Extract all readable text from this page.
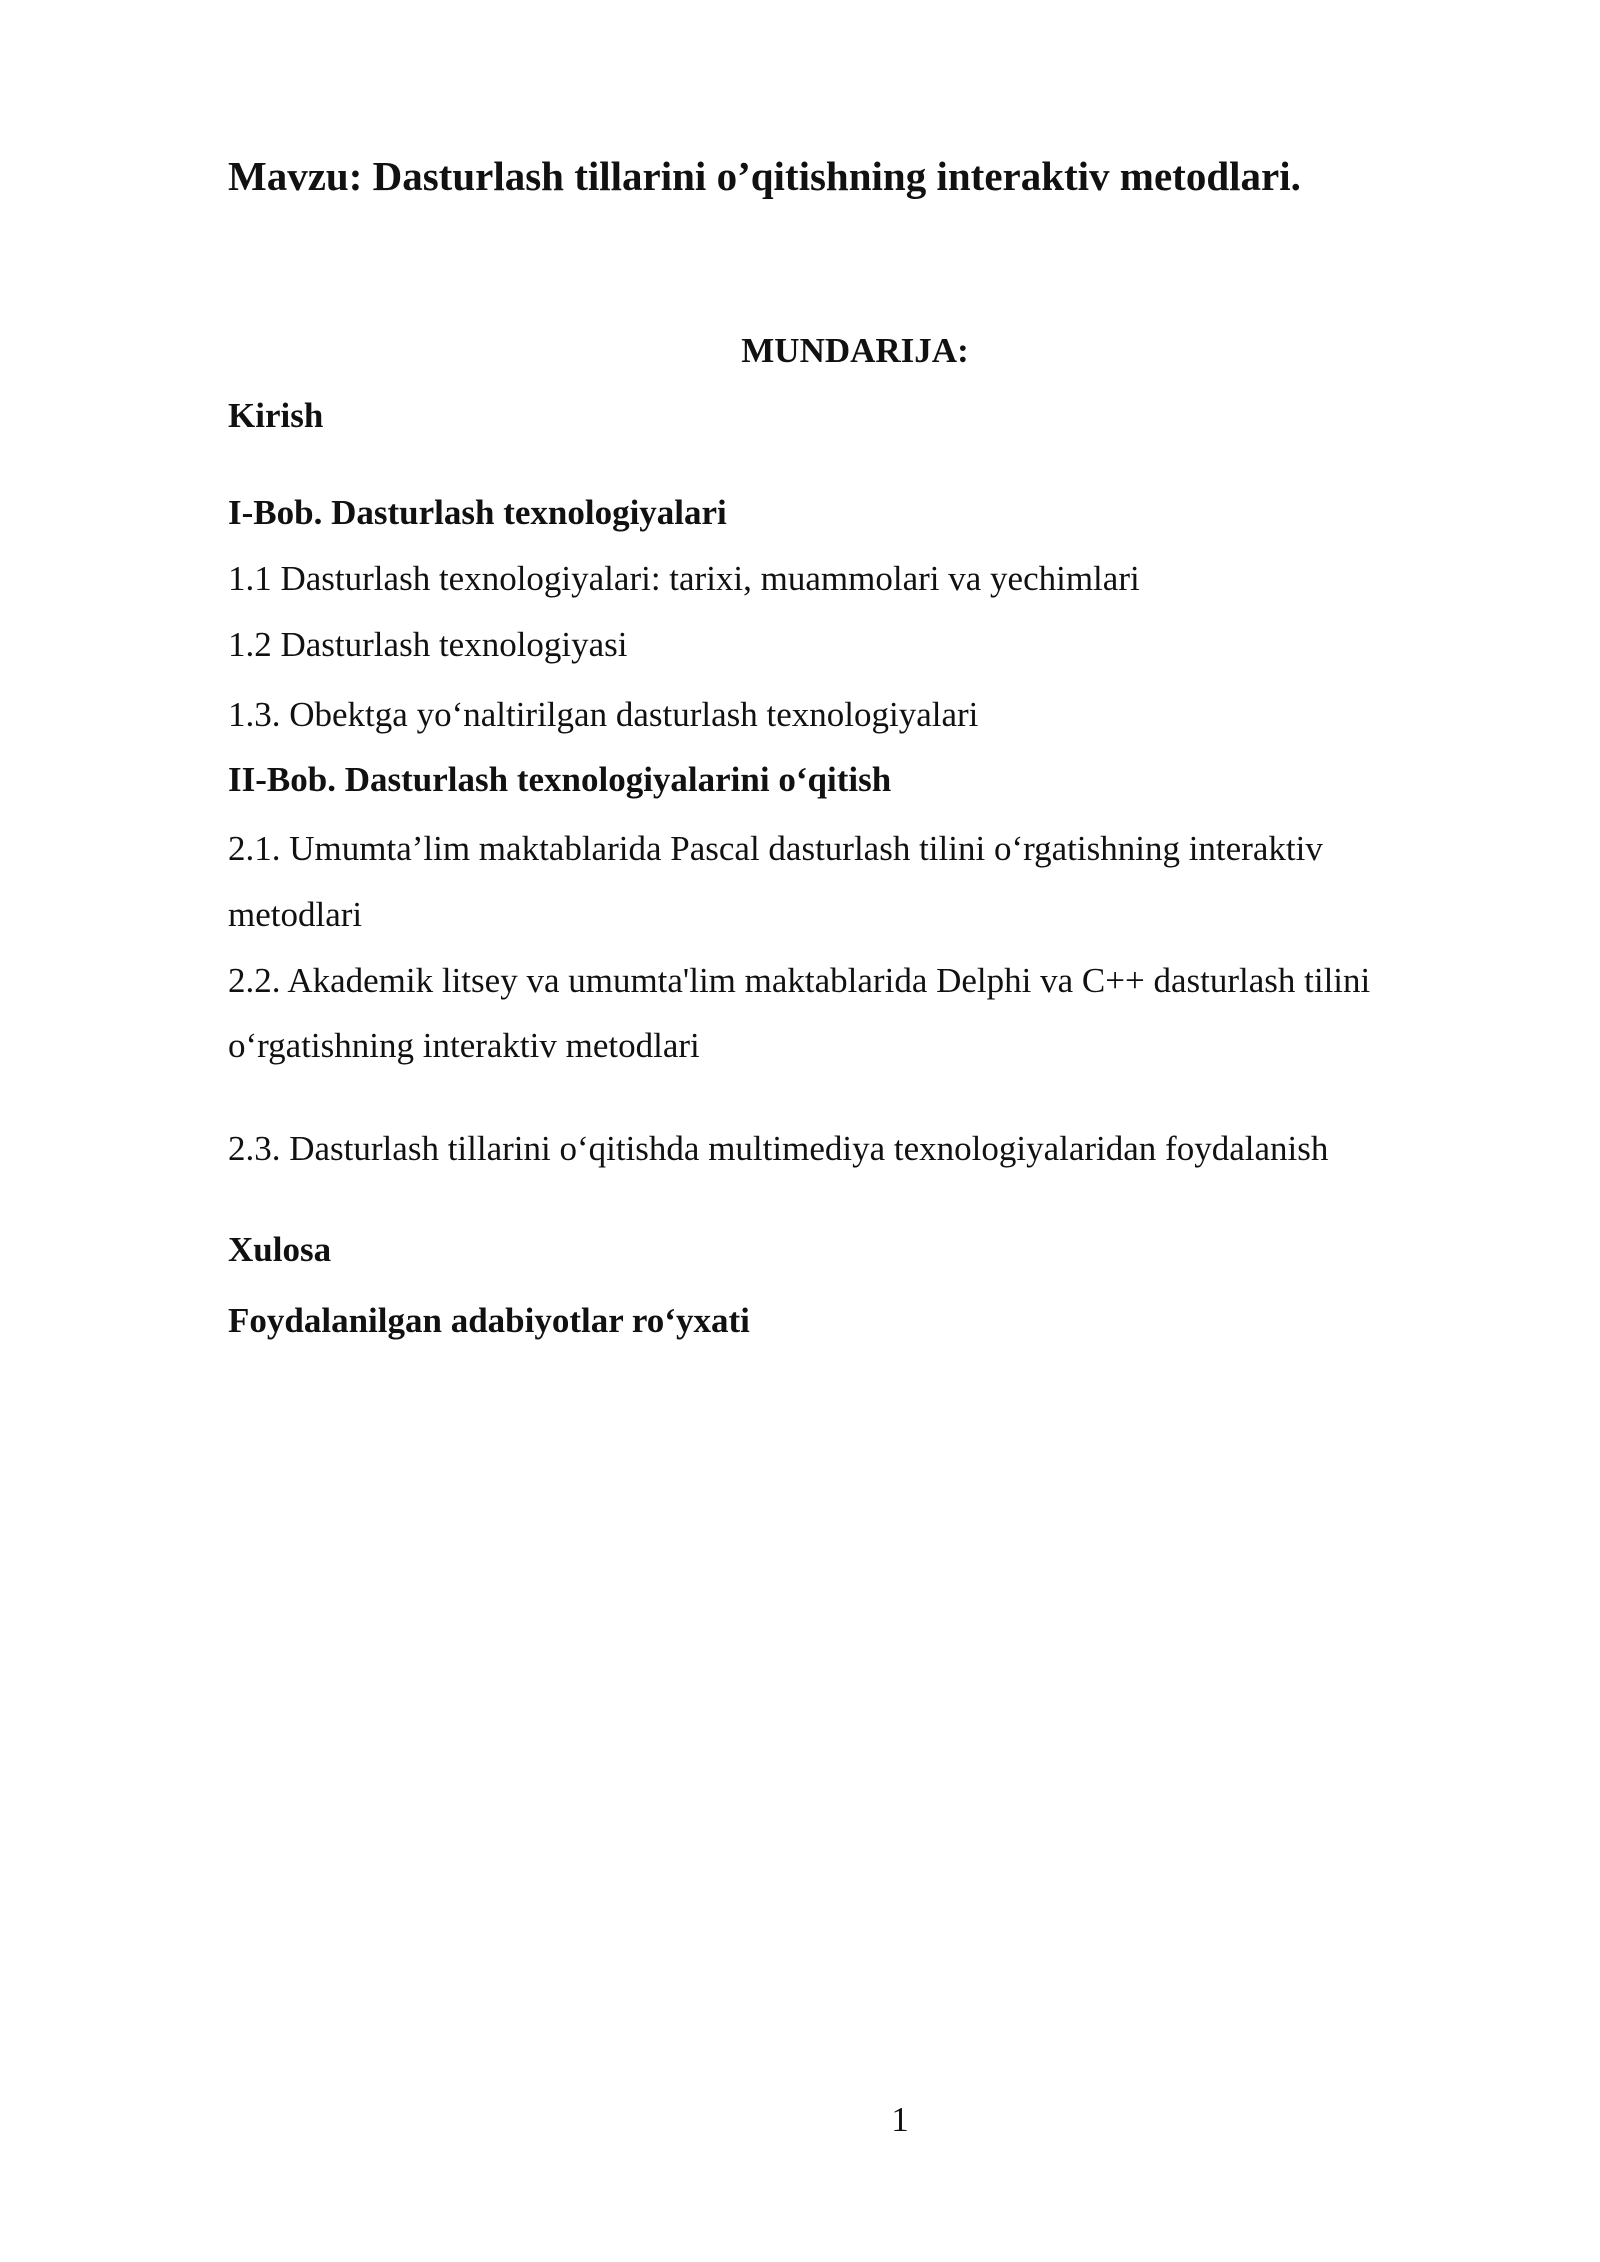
Mavzu: Dasturlash tillarini o’qitishning interaktiv metodlari.

MUNDARIJA:

Kirish

I-Bob. Dasturlash texnologiyalari

1.1 Dasturlash texnologiyalari: tarixi, muammolari va yechimlari

1.2 Dasturlash texnologiyasi

1.3. Obektga yo‘naltirilgan dasturlash texnologiyalari

II-Bob. Dasturlash texnologiyalarini o‘qitish

2.1. Umumta’lim maktablarida Pascal dasturlash tilini o‘rgatishning interaktiv

metodlari

2.2. Akademik litsey va umumta'lim maktablarida Delphi va C++ dasturlash tilini

o‘rgatishning interaktiv metodlari

2.3. Dasturlash tillarini o‘qitishda multimediya texnologiyalaridan foydalanish

Xulosa

Foydalanilgan adabiyotlar ro‘yxati

1
